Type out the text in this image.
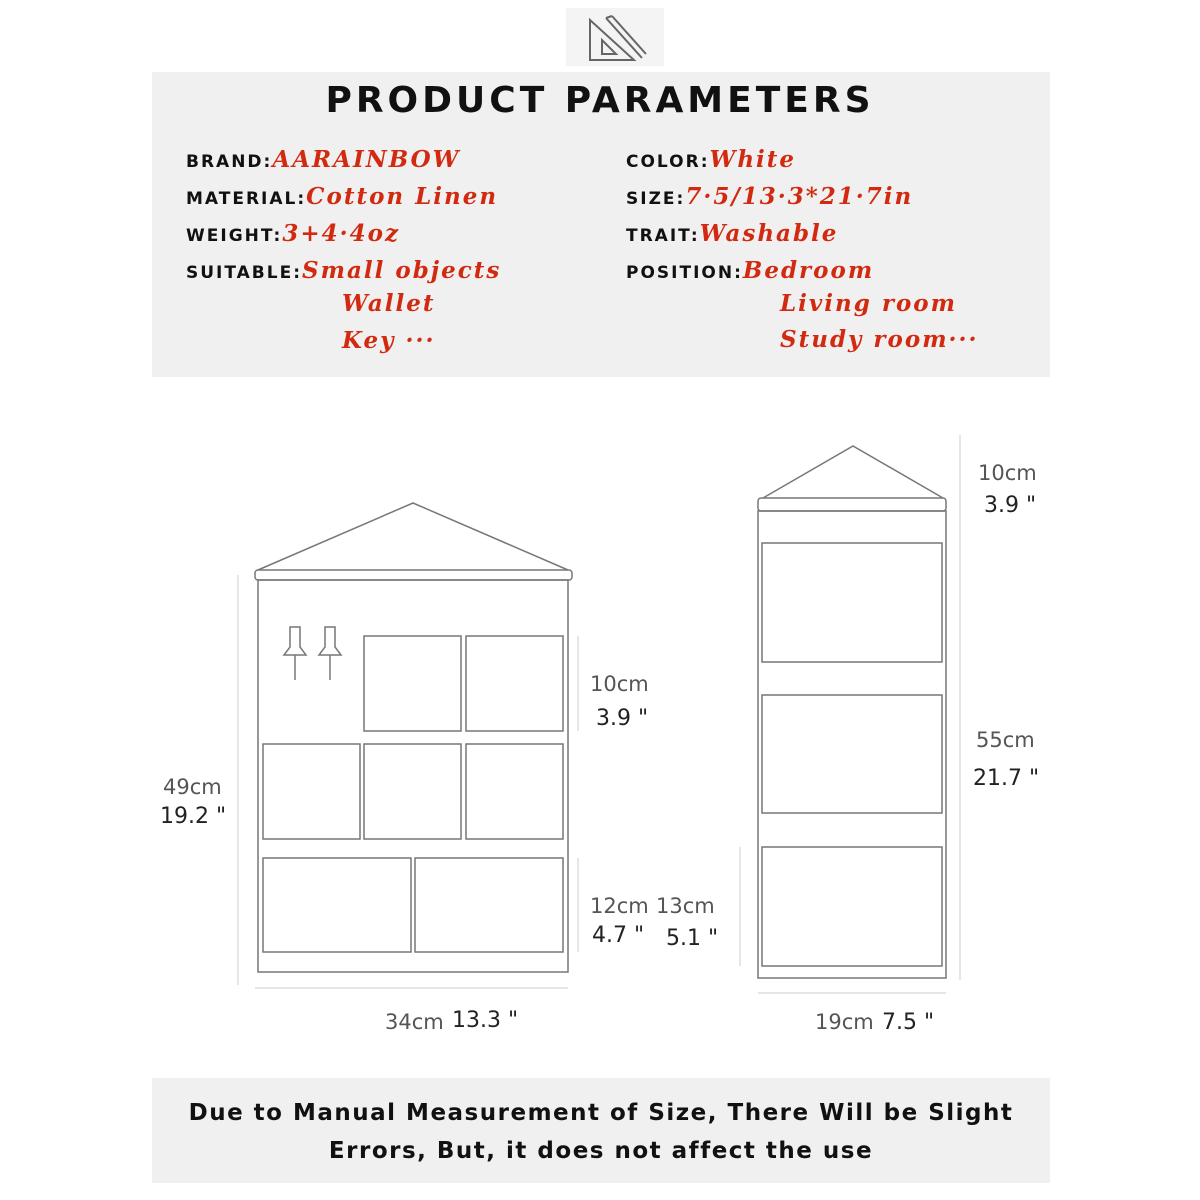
PRODUCT PARAMETERS
BRAND:AARAINBOW
MATERIAL:Cotton Linen
WEIGHT:3+4·4oz
SUITABLE:Small objects
Wallet
Key ···
COLOR:White
SIZE:7·5/13·3*21·7in
TRAIT:Washable
POSITION:Bedroom
Living room
Study room···
10cm
3.9 "
49cm
19.2 "
12cm
4.7 "
13cm
5.1 "
34cm 13.3 "
10cm
3.9 "
55cm
21.7 "
19cm 7.5 "
Due to Manual Measurement of Size, There Will be Slight
Errors, But, it does not affect the use
